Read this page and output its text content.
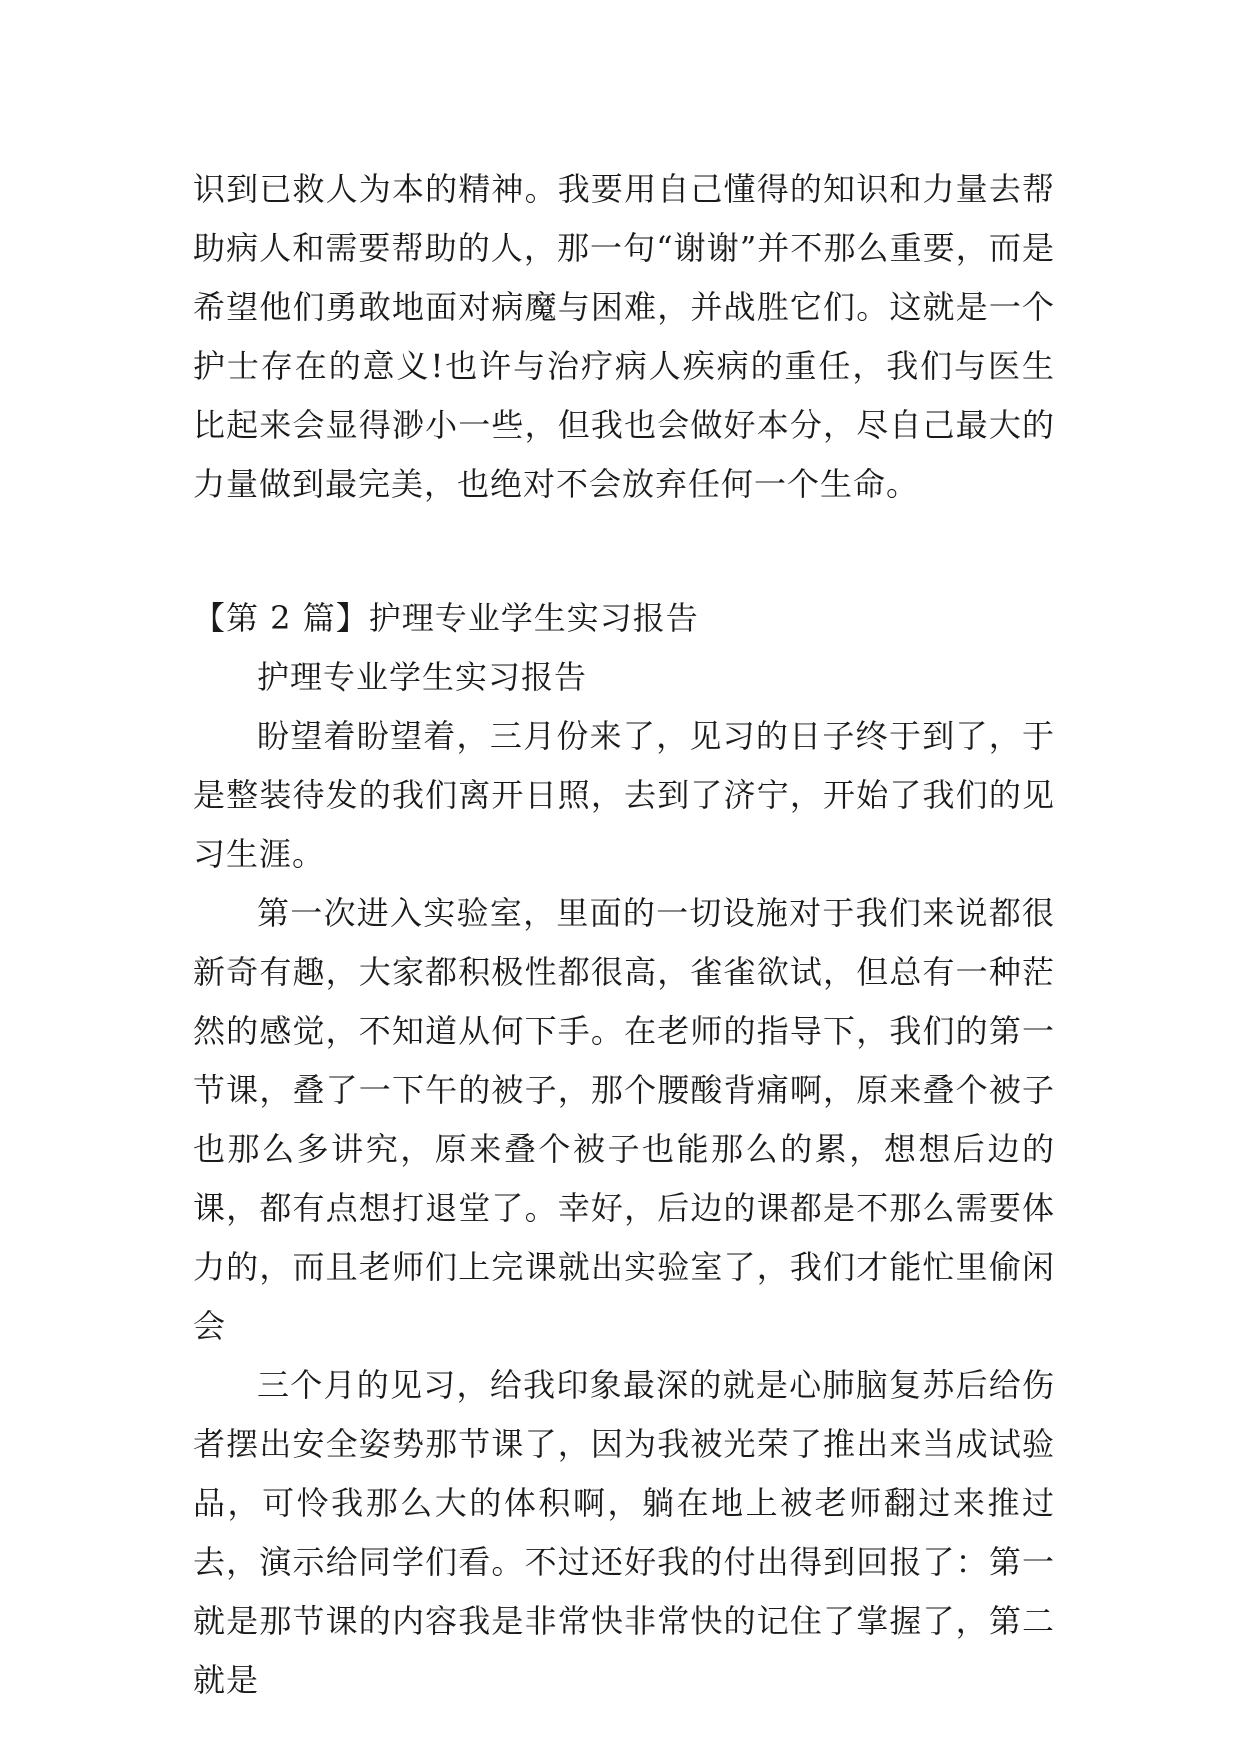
识到已救人为本的精神。我要用自己懂得的知识和力量去帮助病人和需要帮助的人，那一句“谢谢”并不那么重要，而是希望他们勇敢地面对病魔与困难，并战胜它们。这就是一个护士存在的意义!也许与治疗病人疾病的重任，我们与医生比起来会显得渺小一些，但我也会做好本分，尽自己最大的力量做到最完美，也绝对不会放弃任何一个生命。

【第 2 篇】护理专业学生实习报告

护理专业学生实习报告

盼望着盼望着，三月份来了，见习的日子终于到了，于是整装待发的我们离开日照，去到了济宁，开始了我们的见习生涯。

第一次进入实验室，里面的一切设施对于我们来说都很新奇有趣，大家都积极性都很高，雀雀欲试，但总有一种茫然的感觉，不知道从何下手。在老师的指导下，我们的第一节课，叠了一下午的被子，那个腰酸背痛啊，原来叠个被子也那么多讲究，原来叠个被子也能那么的累，想想后边的课，都有点想打退堂了。幸好，后边的课都是不那么需要体力的，而且老师们上完课就出实验室了，我们才能忙里偷闲会

三个月的见习，给我印象最深的就是心肺脑复苏后给伤者摆出安全姿势那节课了，因为我被光荣了推出来当成试验品，可怜我那么大的体积啊，躺在地上被老师翻过来推过去，演示给同学们看。不过还好我的付出得到回报了：第一就是那节课的内容我是非常快非常快的记住了掌握了，第二就是
